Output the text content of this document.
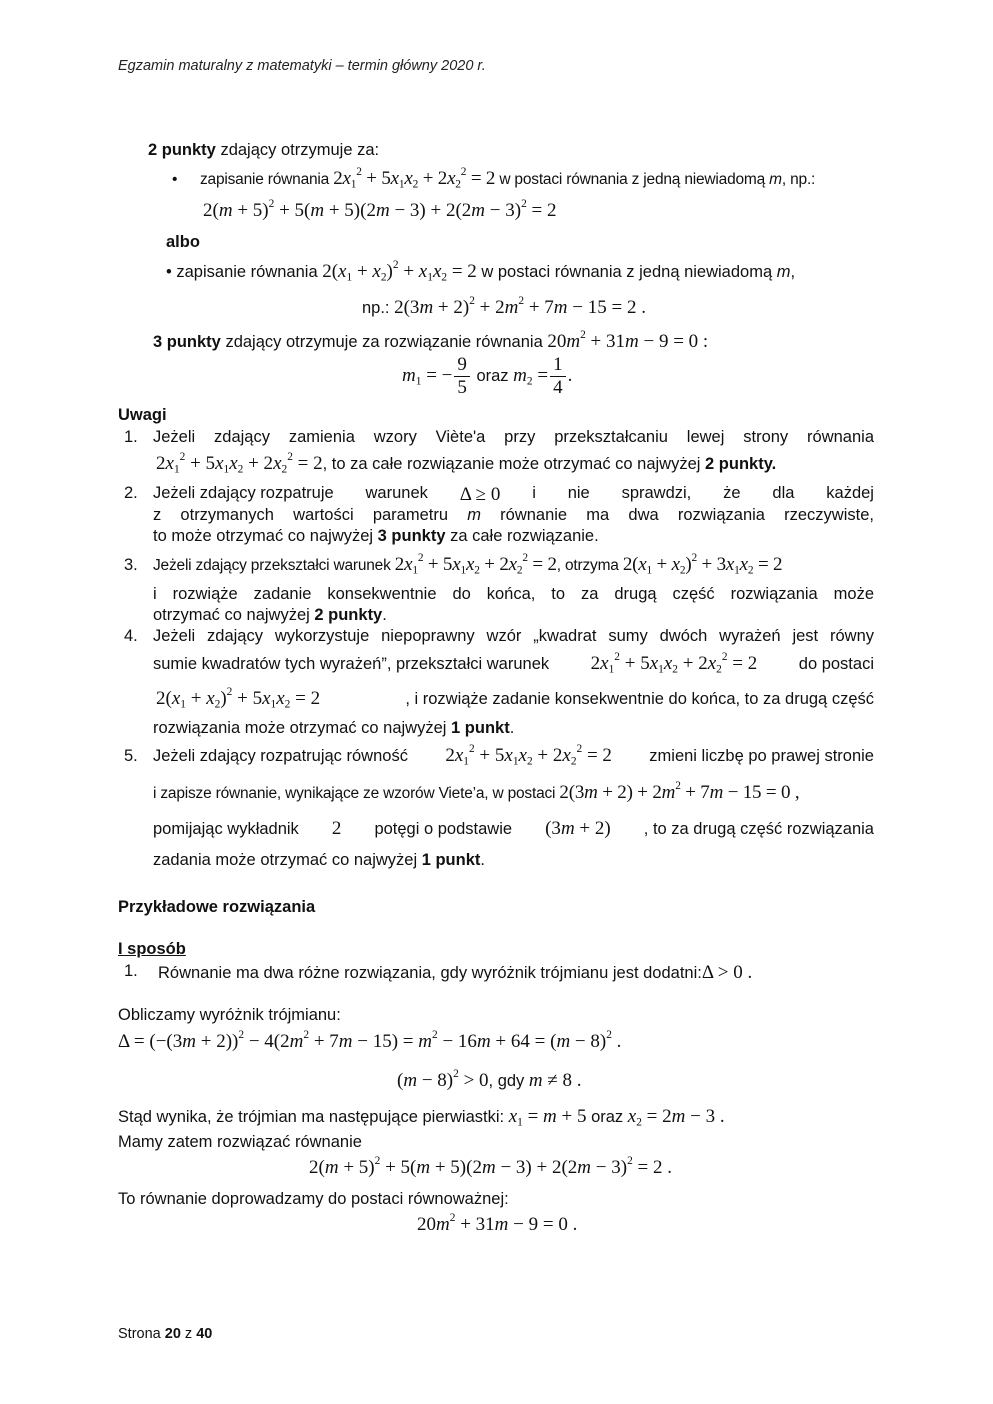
Egzamin maturalny z matematyki – termin główny 2020 r.
2 punkty zdający otrzymuje za:
• zapisanie równania $2x_1^2 + 5x_1x_2 + 2x_2^2 = 2$ w postaci równania z jedną niewiadomą m, np.:
$2(m + 5)^2 + 5(m + 5)(2m - 3) + 2(2m - 3)^2 = 2$
albo
• zapisanie równania $2(x_1 + x_2)^2 + x_1x_2 = 2$ w postaci równania z jedną niewiadomą m,
np.: $2(3m + 2)^2 + 2m^2 + 7m - 15 = 2$ .
3 punkty zdający otrzymuje za rozwiązanie równania $20m^2 + 31m - 9 = 0$ :
$m_1$ = − $\frac{9}{5}$ oraz $m_2 = \frac{1}{4}$ .
Uwagi
1. Jeżeli zdający zamienia wzory Viète'a przy przekształcaniu lewej strony równania
$2x_1^2 + 5x_1x_2 + 2x_2^2 = 2$, to za całe rozwiązanie może otrzymać co najwyżej 2 punkty.
2. Jeżeli zdający rozpatruje warunek Δ ≥ 0 i nie sprawdzi, że dla każdej
z otrzymanych wartości parametru m równanie ma dwa rozwiązania rzeczywiste,
to może otrzymać co najwyżej 3 punkty za całe rozwiązanie.
3. Jeżeli zdający przekształci warunek $2x_1^2 + 5x_1x_2 + 2x_2^2 = 2$, otrzyma $2(x_1 + x_2)^2 + 3x_1x_2 = 2$
i rozwiąże zadanie konsekwentnie do końca, to za drugą część rozwiązania może
otrzymać co najwyżej 2 punkty.
4. Jeżeli zdający wykorzystuje niepoprawny wzór „kwadrat sumy dwóch wyrażeń jest równy
sumie kwadratów tych wyrażeń”, przekształci warunek $2x_1^2 + 5x_1x_2 + 2x_2^2 = 2$	do postaci
$2(x_1 + x_2)^2 + 5x_1x_2 = 2$	, i rozwiąże zadanie konsekwentnie do końca, to za drugą część
rozwiązania może otrzymać co najwyżej 1 punkt.
5. Jeżeli zdający rozpatrując równość $2x_1^2 + 5x_1x_2 + 2x_2^2 = 2$ zmieni liczbę po prawej stronie
i zapisze równanie, wynikające ze wzorów Viete’a, w postaci $2(3m + 2) + 2m^2 + 7m - 15 = 0$ ,
pomijając wykładnik 2 potęgi o podstawie (3m + 2) , to za drugą część rozwiązania
zadania może otrzymać co najwyżej 1 punkt.
Przykładowe rozwiązania
I sposób
1. Równanie ma dwa różne rozwiązania, gdy wyróżnik trójmianu jest dodatni:Δ > 0 .
Obliczamy wyróżnik trójmianu:
$\Delta = (-(3m + 2))^2 - 4(2m^2 + 7m - 15) = m^2 - 16m + 64 = (m - 8)^2$ .
$(m - 8)^2 > 0$, gdy m ≠ 8 .
Stąd wynika, że trójmian ma następujące pierwiastki: $x_1 = m + 5$ oraz $x_2 = 2m - 3$ .
Mamy zatem rozwiązać równanie
$2(m + 5)^2 + 5(m + 5)(2m - 3) + 2(2m - 3)^2 = 2$ .
To równanie doprowadzamy do postaci równoważnej:
$20m^2 + 31m - 9 = 0$ .
Strona 20 z 40
